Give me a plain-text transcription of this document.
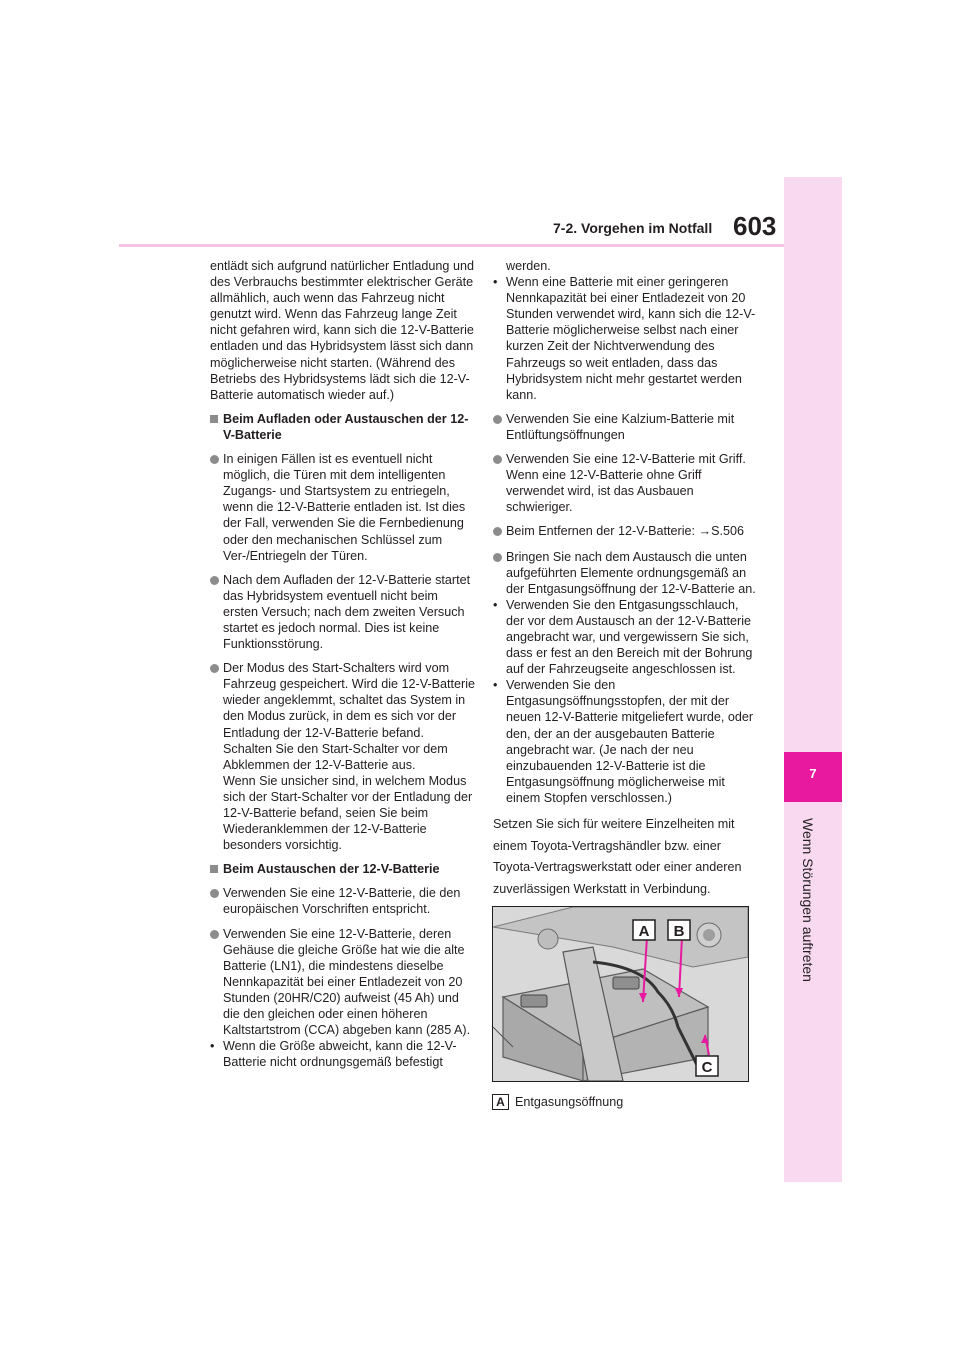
7
Wenn Störungen auftreten
7-2. Vorgehen im Notfall 603

entlädt sich aufgrund natürlicher Entladung und des Verbrauchs bestimmter elektrischer Geräte allmählich, auch wenn das Fahrzeug nicht genutzt wird. Wenn das Fahrzeug lange Zeit nicht gefahren wird, kann sich die 12-V-Batterie entladen und das Hybridsystem lässt sich dann möglicherweise nicht starten. (Während des Betriebs des Hybridsystems lädt sich die 12-V-Batterie automatisch wieder auf.)

Beim Aufladen oder Austauschen der 12-V-Batterie
In einigen Fällen ist es eventuell nicht möglich, die Türen mit dem intelligenten Zugangs- und Startsystem zu entriegeln, wenn die 12-V-Batterie entladen ist. Ist dies der Fall, verwenden Sie die Fernbedienung oder den mechanischen Schlüssel zum Ver-/Entriegeln der Türen.
Nach dem Aufladen der 12-V-Batterie startet das Hybridsystem eventuell nicht beim ersten Versuch; nach dem zweiten Versuch startet es jedoch normal. Dies ist keine Funktionsstörung.
Der Modus des Start-Schalters wird vom Fahrzeug gespeichert. Wird die 12-V-Batterie wieder angeklemmt, schaltet das System in den Modus zurück, in dem es sich vor der Entladung der 12-V-Batterie befand. Schalten Sie den Start-Schalter vor dem Abklemmen der 12-V-Batterie aus.
Wenn Sie unsicher sind, in welchem Modus sich der Start-Schalter vor der Entladung der 12-V-Batterie befand, seien Sie beim Wiederanklemmen der 12-V-Batterie besonders vorsichtig.
Beim Austauschen der 12-V-Batterie
Verwenden Sie eine 12-V-Batterie, die den europäischen Vorschriften entspricht.
Verwenden Sie eine 12-V-Batterie, deren Gehäuse die gleiche Größe hat wie die alte Batterie (LN1), die mindestens dieselbe Nennkapazität bei einer Entladezeit von 20 Stunden (20HR/C20) aufweist (45 Ah) und die den gleichen oder einen höheren Kaltstartstrom (CCA) abgeben kann (285 A).
• Wenn die Größe abweicht, kann die 12-V-Batterie nicht ordnungsgemäß befestigt
werden.
• Wenn eine Batterie mit einer geringeren Nennkapazität bei einer Entladezeit von 20 Stunden verwendet wird, kann sich die 12-V-Batterie möglicherweise selbst nach einer kurzen Zeit der Nichtverwendung des Fahrzeugs so weit entladen, dass das Hybridsystem nicht mehr gestartet werden kann.
Verwenden Sie eine Kalzium-Batterie mit Entlüftungsöffnungen
Verwenden Sie eine 12-V-Batterie mit Griff. Wenn eine 12-V-Batterie ohne Griff verwendet wird, ist das Ausbauen schwieriger.
Beim Entfernen der 12-V-Batterie: →S.506
Bringen Sie nach dem Austausch die unten aufgeführten Elemente ordnungsgemäß an der Entgasungsöffnung der 12-V-Batterie an.
• Verwenden Sie den Entgasungsschlauch, der vor dem Austausch an der 12-V-Batterie angebracht war, und vergewissern Sie sich, dass er fest an den Bereich mit der Bohrung auf der Fahrzeugseite angeschlossen ist.
• Verwenden Sie den Entgasungsöffnungsstopfen, der mit der neuen 12-V-Batterie mitgeliefert wurde, oder den, der an der ausgebauten Batterie angebracht war. (Je nach der neu einzubauenden 12-V-Batterie ist die Entgasungsöffnung möglicherweise mit einem Stopfen verschlossen.)

Setzen Sie sich für weitere Einzelheiten mit

einem Toyota-Vertragshändler bzw. einer

Toyota-Vertragswerkstatt oder einer anderen

zuverlässigen Werkstatt in Verbindung.

A B
C
A Entgasungsöffnung
